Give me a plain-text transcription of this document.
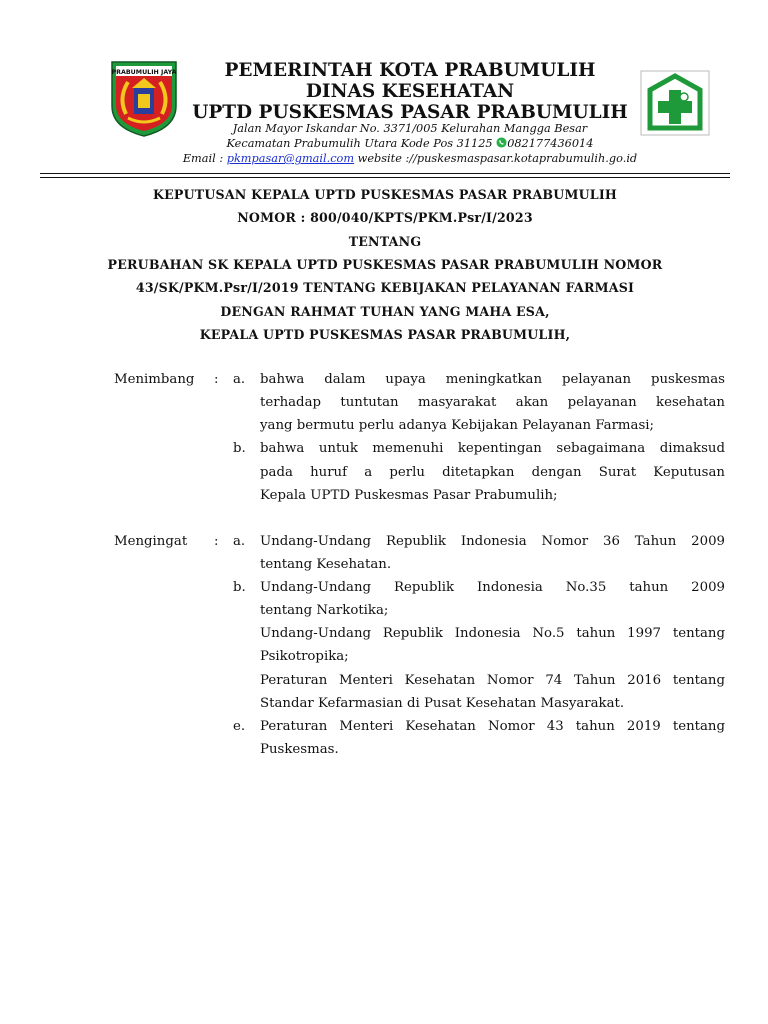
PRABUMULIH JAYA	PEMERINTAH KOTA PRABUMULIH
DINAS KESEHATAN
UPTD PUSKESMAS PASAR PRABUMULIH
Jalan Mayor Iskandar No. 3371/005 Kelurahan Mangga Besar
Kecamatan Prabumulih Utara Kode Pos 31125 082177436014
Email : pkmpasar@gmail.com website ://puskesmaspasar.kotaprabumulih.go.id
KEPUTUSAN KEPALA UPTD PUSKESMAS PASAR PRABUMULIH
NOMOR : 800/040/KPTS/PKM.Psr/I/2023
TENTANG
PERUBAHAN SK KEPALA UPTD PUSKESMAS PASAR PRABUMULIH NOMOR
43/SK/PKM.Psr/I/2019 TENTANG KEBIJAKAN PELAYANAN FARMASI
DENGAN RAHMAT TUHAN YANG MAHA ESA,
KEPALA UPTD PUSKESMAS PASAR PRABUMULIH,
Menimbang : a. bahwa dalam upaya meningkatkan pelayanan puskesmas
terhadap tuntutan masyarakat akan pelayanan kesehatan
yang bermutu perlu adanya Kebijakan Pelayanan Farmasi;
b. bahwa untuk memenuhi kepentingan sebagaimana dimaksud
pada huruf a perlu ditetapkan dengan Surat Keputusan
Kepala UPTD Puskesmas Pasar Prabumulih;
Mengingat : a. Undang-Undang Republik Indonesia Nomor 36 Tahun 2009
tentang Kesehatan.
b. Undang-Undang Republik Indonesia No.35 tahun 2009
tentang Narkotika;
Undang-Undang Republik Indonesia No.5 tahun 1997 tentang
Psikotropika;
Peraturan Menteri Kesehatan Nomor 74 Tahun 2016 tentang
Standar Kefarmasian di Pusat Kesehatan Masyarakat.
e. Peraturan Menteri Kesehatan Nomor 43 tahun 2019 tentang
Puskesmas.
